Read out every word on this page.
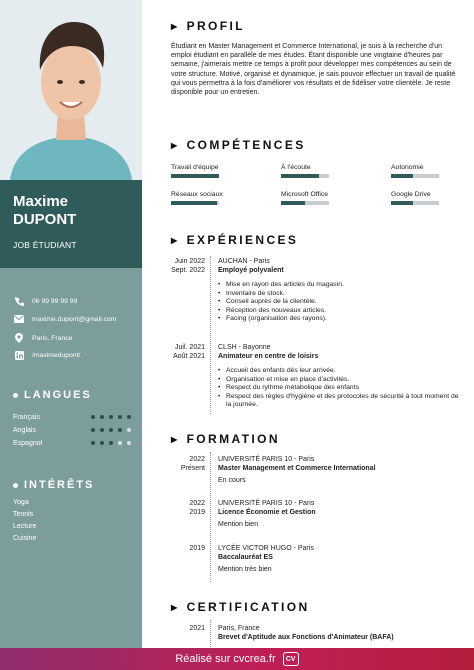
Maxime
DUPONT
JOB ÉTUDIANT
06 99 99 99 99
maxime.dupont@gmail.com
Paris, France
/maximedupont/
LANGUES
Français
Anglais
Espagnol
INTÉRÊTS
Yoga
Tennis
Lecture
Cuisine
▶ PROFIL
Étudiant en Master Management et Commerce International, je suis à la recherche d'un emploi étudiant en parallèle de mes études. Étant disponible une vingtaine d'heures par semaine, j'aimerais mettre ce temps à profit pour développer mes compétences au sein de votre structure. Motivé, organisé et dynamique, je sais pouvoir effectuer un travail de qualité qui vous permettra à la fois d'améliorer vos résultats et de fidéliser votre clientèle. Je reste disponible pour un entretien.
▶ COMPÉTENCES
Travail d'équipe	À l'écoute	Autonomie
Réseaux sociaux	Microsoft Office	Google Drive
▶ EXPÉRIENCES
Juin 2022
Sept. 2022
AUCHAN - Paris
Employé polyvalent
• Mise en rayon des articles du magasin.
• Inventaire de stock.
• Conseil auprès de la clientèle.
• Réception des nouveaux articles.
• Facing (organisation des rayons).
Juil. 2021
Août 2021
CLSH - Bayonne
Animateur en centre de loisirs
• Accueil des enfants dès leur arrivée.
• Organisation et mise en place d'activités.
• Respect du rythme métabolique des enfants
• Respect des règles d'hygiène et des protocoles de sécurité à tout moment de la journée.
▶ FORMATION
2022
Présent
UNIVERSITÉ PARIS 10 - Paris
Master Management et Commerce International
En cours
2022
2019
UNIVERSITÉ PARIS 10 - Paris
Licence Économie et Gestion
Mention bien
2019 LYCÉE VICTOR HUGO - Paris
Baccalauréat ES
Mention très bien
▶ CERTIFICATION
2021 Paris, France
Brevet d'Aptitude aux Fonctions d'Animateur (BAFA)
Réalisé sur cvcrea.fr	CV
